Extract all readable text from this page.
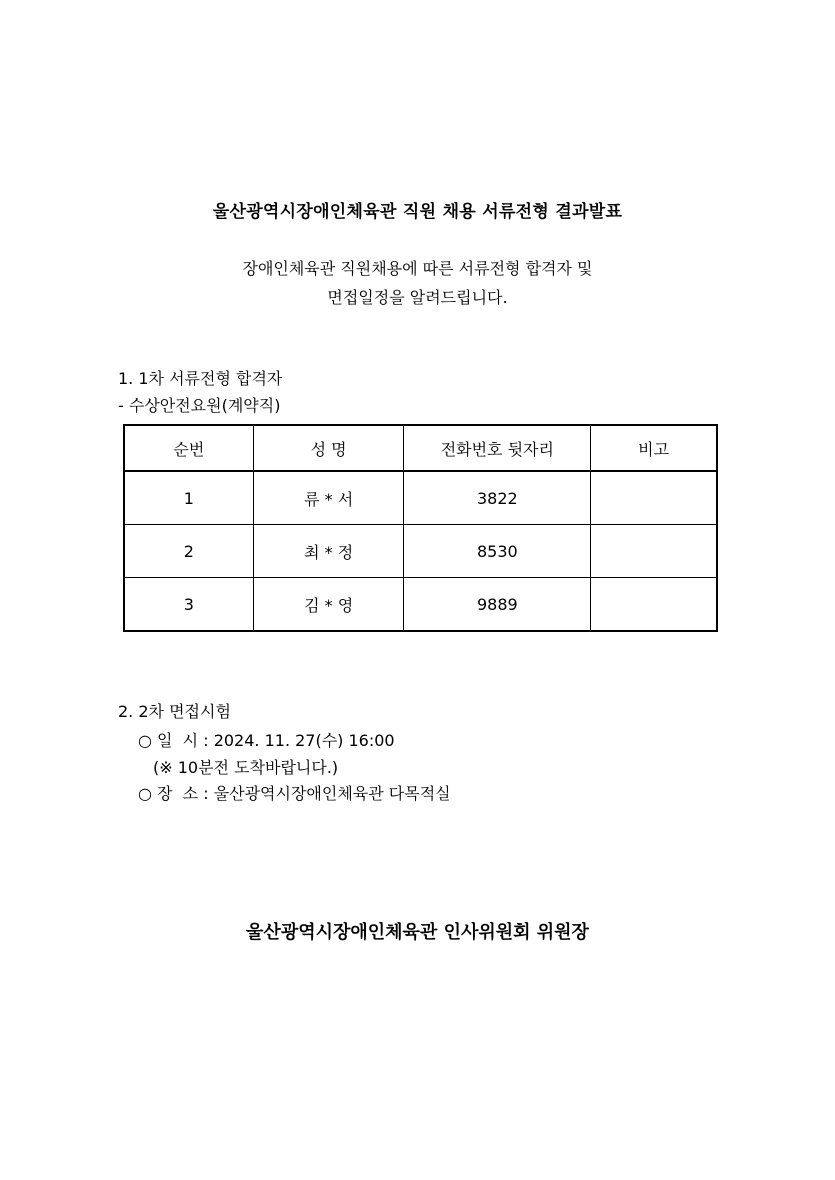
울산광역시장애인체육관 직원 채용 서류전형 결과발표
장애인체육관 직원채용에 따른 서류전형 합격자 및
면접일정을 알려드립니다.
1. 1차 서류전형 합격자
- 수상안전요원(계약직)
순번	성 명	전화번호 뒷자리	비고
1	류 * 서	3822	
2	최 * 정	8530	
3	김 * 영	9889	
2. 2차 면접시험
○ 일  시 : 2024. 11. 27(수) 16:00
(※ 10분전 도착바랍니다.)
○ 장  소 : 울산광역시장애인체육관 다목적실
울산광역시장애인체육관 인사위원회 위원장
